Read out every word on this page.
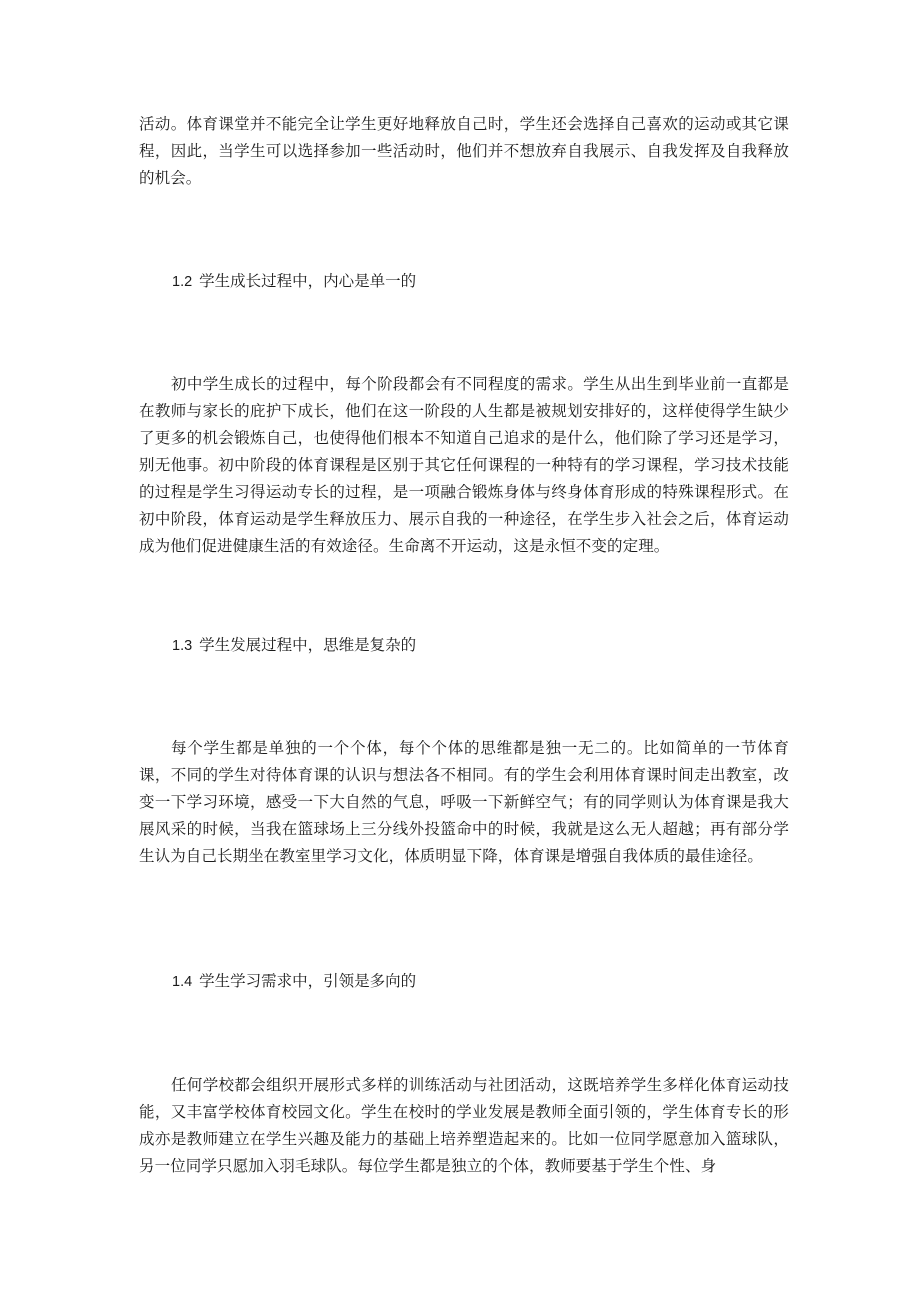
活动。体育课堂并不能完全让学生更好地释放自己时，学生还会选择自己喜欢的运动或其它课程，因此，当学生可以选择参加一些活动时，他们并不想放弃自我展示、自我发挥及自我释放的机会。

1.2 学生成长过程中，内心是单一的

初中学生成长的过程中，每个阶段都会有不同程度的需求。学生从出生到毕业前一直都是在教师与家长的庇护下成长，他们在这一阶段的人生都是被规划安排好的，这样使得学生缺少了更多的机会锻炼自己，也使得他们根本不知道自己追求的是什么，他们除了学习还是学习，别无他事。初中阶段的体育课程是区别于其它任何课程的一种特有的学习课程，学习技术技能的过程是学生习得运动专长的过程，是一项融合锻炼身体与终身体育形成的特殊课程形式。在初中阶段，体育运动是学生释放压力、展示自我的一种途径，在学生步入社会之后，体育运动成为他们促进健康生活的有效途径。生命离不开运动，这是永恒不变的定理。

1.3 学生发展过程中，思维是复杂的

每个学生都是单独的一个个体，每个个体的思维都是独一无二的。比如简单的一节体育课，不同的学生对待体育课的认识与想法各不相同。有的学生会利用体育课时间走出教室，改变一下学习环境，感受一下大自然的气息，呼吸一下新鲜空气；有的同学则认为体育课是我大展风采的时候，当我在篮球场上三分线外投篮命中的时候，我就是这么无人超越；再有部分学生认为自己长期坐在教室里学习文化，体质明显下降，体育课是增强自我体质的最佳途径。

1.4 学生学习需求中，引领是多向的

任何学校都会组织开展形式多样的训练活动与社团活动，这既培养学生多样化体育运动技能，又丰富学校体育校园文化。学生在校时的学业发展是教师全面引领的，学生体育专长的形成亦是教师建立在学生兴趣及能力的基础上培养塑造起来的。比如一位同学愿意加入篮球队，另一位同学只愿加入羽毛球队。每位学生都是独立的个体，教师要基于学生个性、身
